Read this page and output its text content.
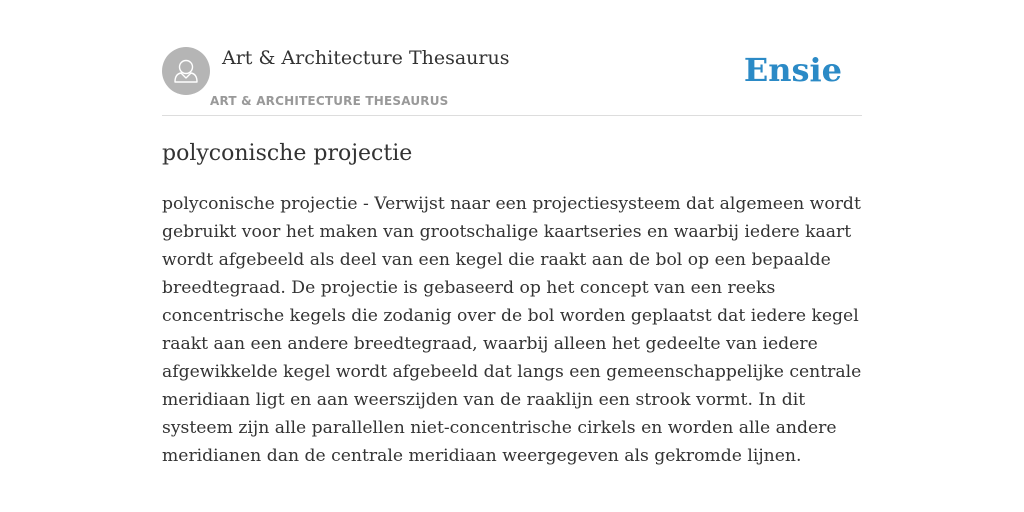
Art & Architecture Thesaurus
ART & ARCHITECTURE THESAURUS
Ensie
polyconische projectie

polyconische projectie - Verwijst naar een projectiesysteem dat algemeen wordt gebruikt voor het maken van grootschalige kaartseries en waarbij iedere kaart wordt afgebeeld als deel van een kegel die raakt aan de bol op een bepaalde breedtegraad. De projectie is gebaseerd op het concept van een reeks concentrische kegels die zodanig over de bol worden geplaatst dat iedere kegel raakt aan een andere breedtegraad, waarbij alleen het gedeelte van iedere afgewikkelde kegel wordt afgebeeld dat langs een gemeenschappelijke centrale meridiaan ligt en aan weerszijden van de raaklijn een strook vormt. In dit systeem zijn alle parallellen niet-concentrische cirkels en worden alle andere meridianen dan de centrale meridiaan weergegeven als gekromde lijnen.
